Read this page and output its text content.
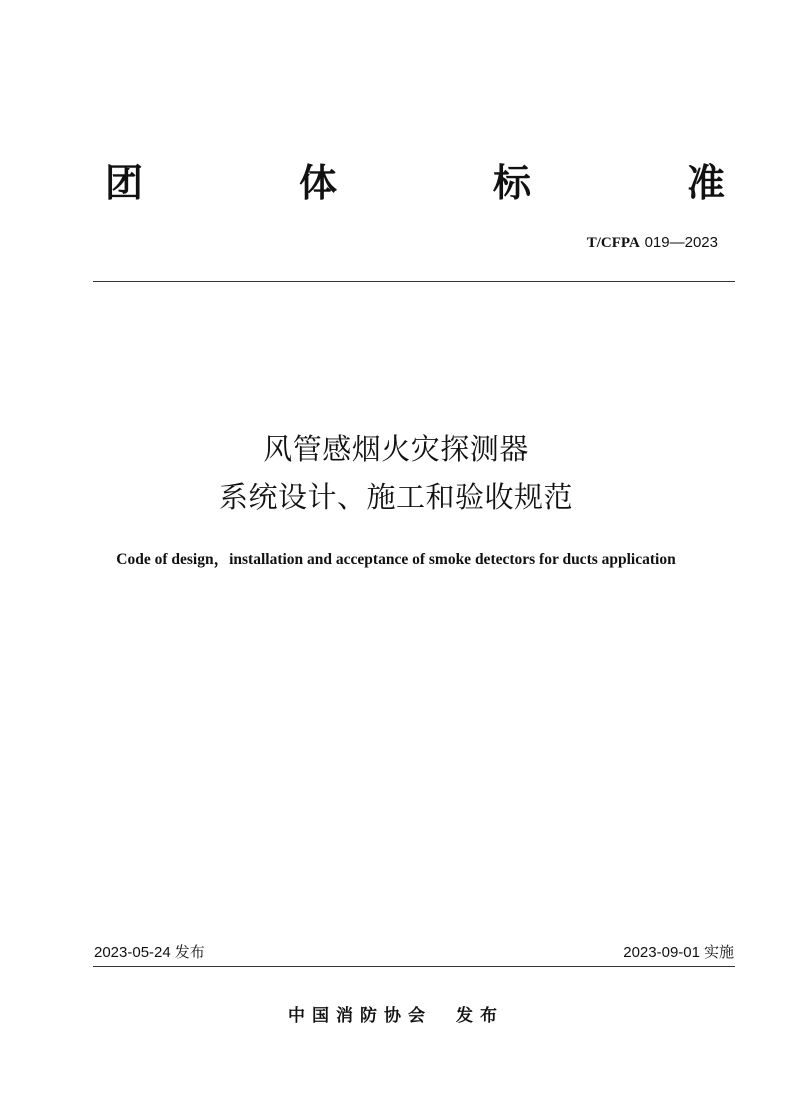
团	体	标	准
T/CFPA 019—2023
风管感烟火灾探测器
系统设计、施工和验收规范
Code of design，installation and acceptance of smoke detectors for ducts application
2023-05-24 发布	2023-09-01 实施
中国消防协会 发布
